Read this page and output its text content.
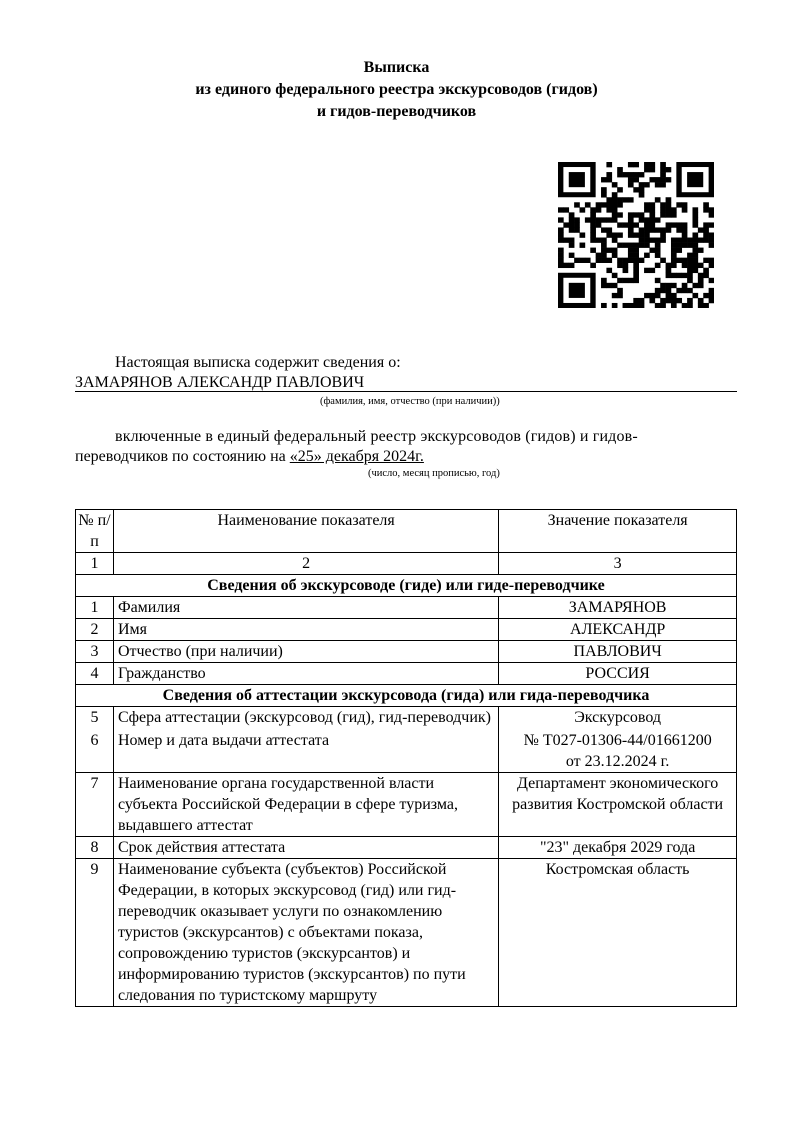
Выписка
из единого федерального реестра экскурсоводов (гидов)
и гидов-переводчиков
Настоящая выписка содержит сведения о:
ЗАМАРЯНОВ АЛЕКСАНДР ПАВЛОВИЧ
(фамилия, имя, отчество (при наличии))
включенные в единый федеральный реестр экскурсоводов (гидов) и гидов-
переводчиков по состоянию на «25» декабря 2024г.
(число, месяц прописью, год)
№ п/п	Наименование показателя	Значение показателя
1	2	3
Сведения об экскурсоводе (гиде) или гиде-переводчике		
1	Фамилия	ЗАМАРЯНОВ
2	Имя	АЛЕКСАНДР
3	Отчество (при наличии)	ПАВЛОВИЧ
4	Гражданство	РОССИЯ
Сведения об аттестации экскурсовода (гида) или гида-переводчика		
5	Сфера аттестации (экскурсовод (гид), гид-переводчик)	Экскурсовод
6	Номер и дата выдачи аттестата	№ Т027-01306-44/01661200
от 23.12.2024 г.

7	Наименование органа государственной власти субъекта Российской Федерации в сфере туризма, выдавшего аттестат	Департамент экономического развития Костромской области
8	Срок действия аттестата	"23" декабря 2029 года
9	Наименование субъекта (субъектов) Российской Федерации, в которых экскурсовод (гид) или гид-переводчик оказывает услуги по ознакомлению туристов (экскурсантов) с объектами показа, сопровождению туристов (экскурсантов) и информированию туристов (экскурсантов) по пути следования по туристскому маршруту	Костромская область
